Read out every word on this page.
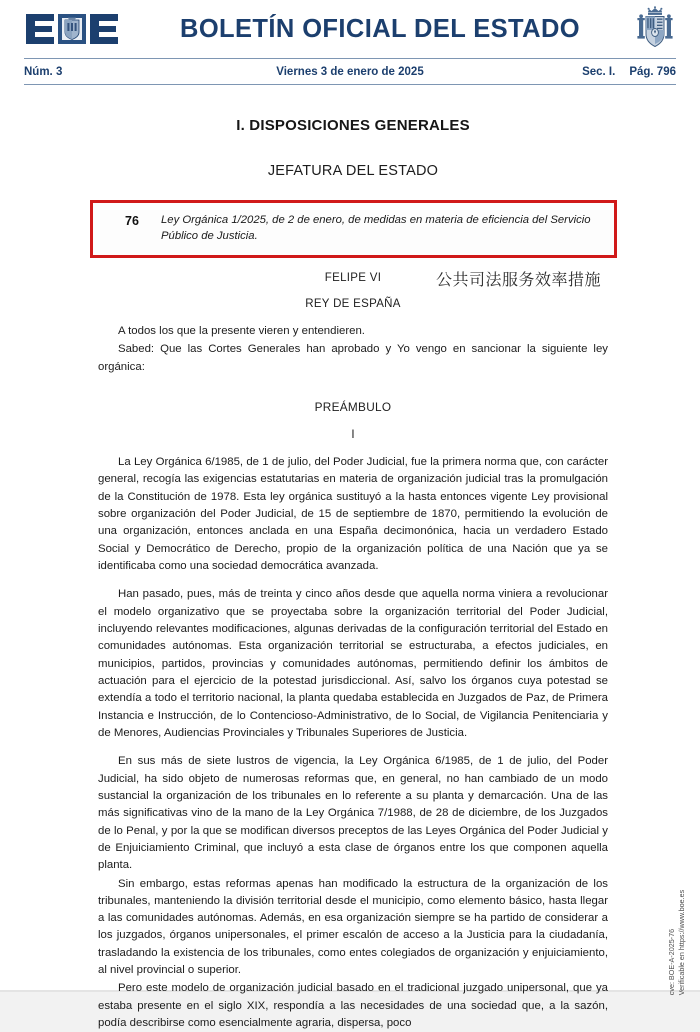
BOLETÍN OFICIAL DEL ESTADO
Núm. 3	Viernes 3 de enero de 2025	Sec. I. Pág. 796
I. DISPOSICIONES GENERALES
JEFATURA DEL ESTADO
76	Ley Orgánica 1/2025, de 2 de enero, de medidas en materia de eficiencia del Servicio Público de Justicia.
FELIPE VI	公共司法服务效率措施
REY DE ESPAÑA

A todos los que la presente vieren y entendieren.

Sabed: Que las Cortes Generales han aprobado y Yo vengo en sancionar la siguiente ley orgánica:

PREÁMBULO
I

La Ley Orgánica 6/1985, de 1 de julio, del Poder Judicial, fue la primera norma que, con carácter general, recogía las exigencias estatutarias en materia de organización judicial tras la promulgación de la Constitución de 1978. Esta ley orgánica sustituyó a la hasta entonces vigente Ley provisional sobre organización del Poder Judicial, de 15 de septiembre de 1870, permitiendo la evolución de una organización, entonces anclada en una España decimonónica, hacia un verdadero Estado Social y Democrático de Derecho, propio de la organización política de una Nación que ya se identificaba como una sociedad democrática avanzada.

Han pasado, pues, más de treinta y cinco años desde que aquella norma viniera a revolucionar el modelo organizativo que se proyectaba sobre la organización territorial del Poder Judicial, incluyendo relevantes modificaciones, algunas derivadas de la configuración territorial del Estado en comunidades autónomas. Esta organización territorial se estructuraba, a efectos judiciales, en municipios, partidos, provincias y comunidades autónomas, permitiendo definir los ámbitos de actuación para el ejercicio de la potestad jurisdiccional. Así, salvo los órganos cuya potestad se extendía a todo el territorio nacional, la planta quedaba establecida en Juzgados de Paz, de Primera Instancia e Instrucción, de lo Contencioso-Administrativo, de lo Social, de Vigilancia Penitenciaria y de Menores, Audiencias Provinciales y Tribunales Superiores de Justicia.

En sus más de siete lustros de vigencia, la Ley Orgánica 6/1985, de 1 de julio, del Poder Judicial, ha sido objeto de numerosas reformas que, en general, no han cambiado de un modo sustancial la organización de los tribunales en lo referente a su planta y demarcación. Una de las más significativas vino de la mano de la Ley Orgánica 7/1988, de 28 de diciembre, de los Juzgados de lo Penal, y por la que se modifican diversos preceptos de las Leyes Orgánica del Poder Judicial y de Enjuiciamiento Criminal, que incluyó a esta clase de órganos entre los que componen aquella planta.

Sin embargo, estas reformas apenas han modificado la estructura de la organización de los tribunales, manteniendo la división territorial desde el municipio, como elemento básico, hasta llegar a las comunidades autónomas. Además, en esa organización siempre se ha partido de considerar a los juzgados, órganos unipersonales, el primer escalón de acceso a la Justicia para la ciudadanía, trasladando la existencia de los tribunales, como entes colegiados de organización y enjuiciamiento, al nivel provincial o superior.

Pero este modelo de organización judicial basado en el tradicional juzgado unipersonal, que ya estaba presente en el siglo XIX, respondía a las necesidades de una sociedad que, a la sazón, podía describirse como esencialmente agraria, dispersa, poco

cve: BOE-A-2025-76 Verificable en https://www.boe.es
